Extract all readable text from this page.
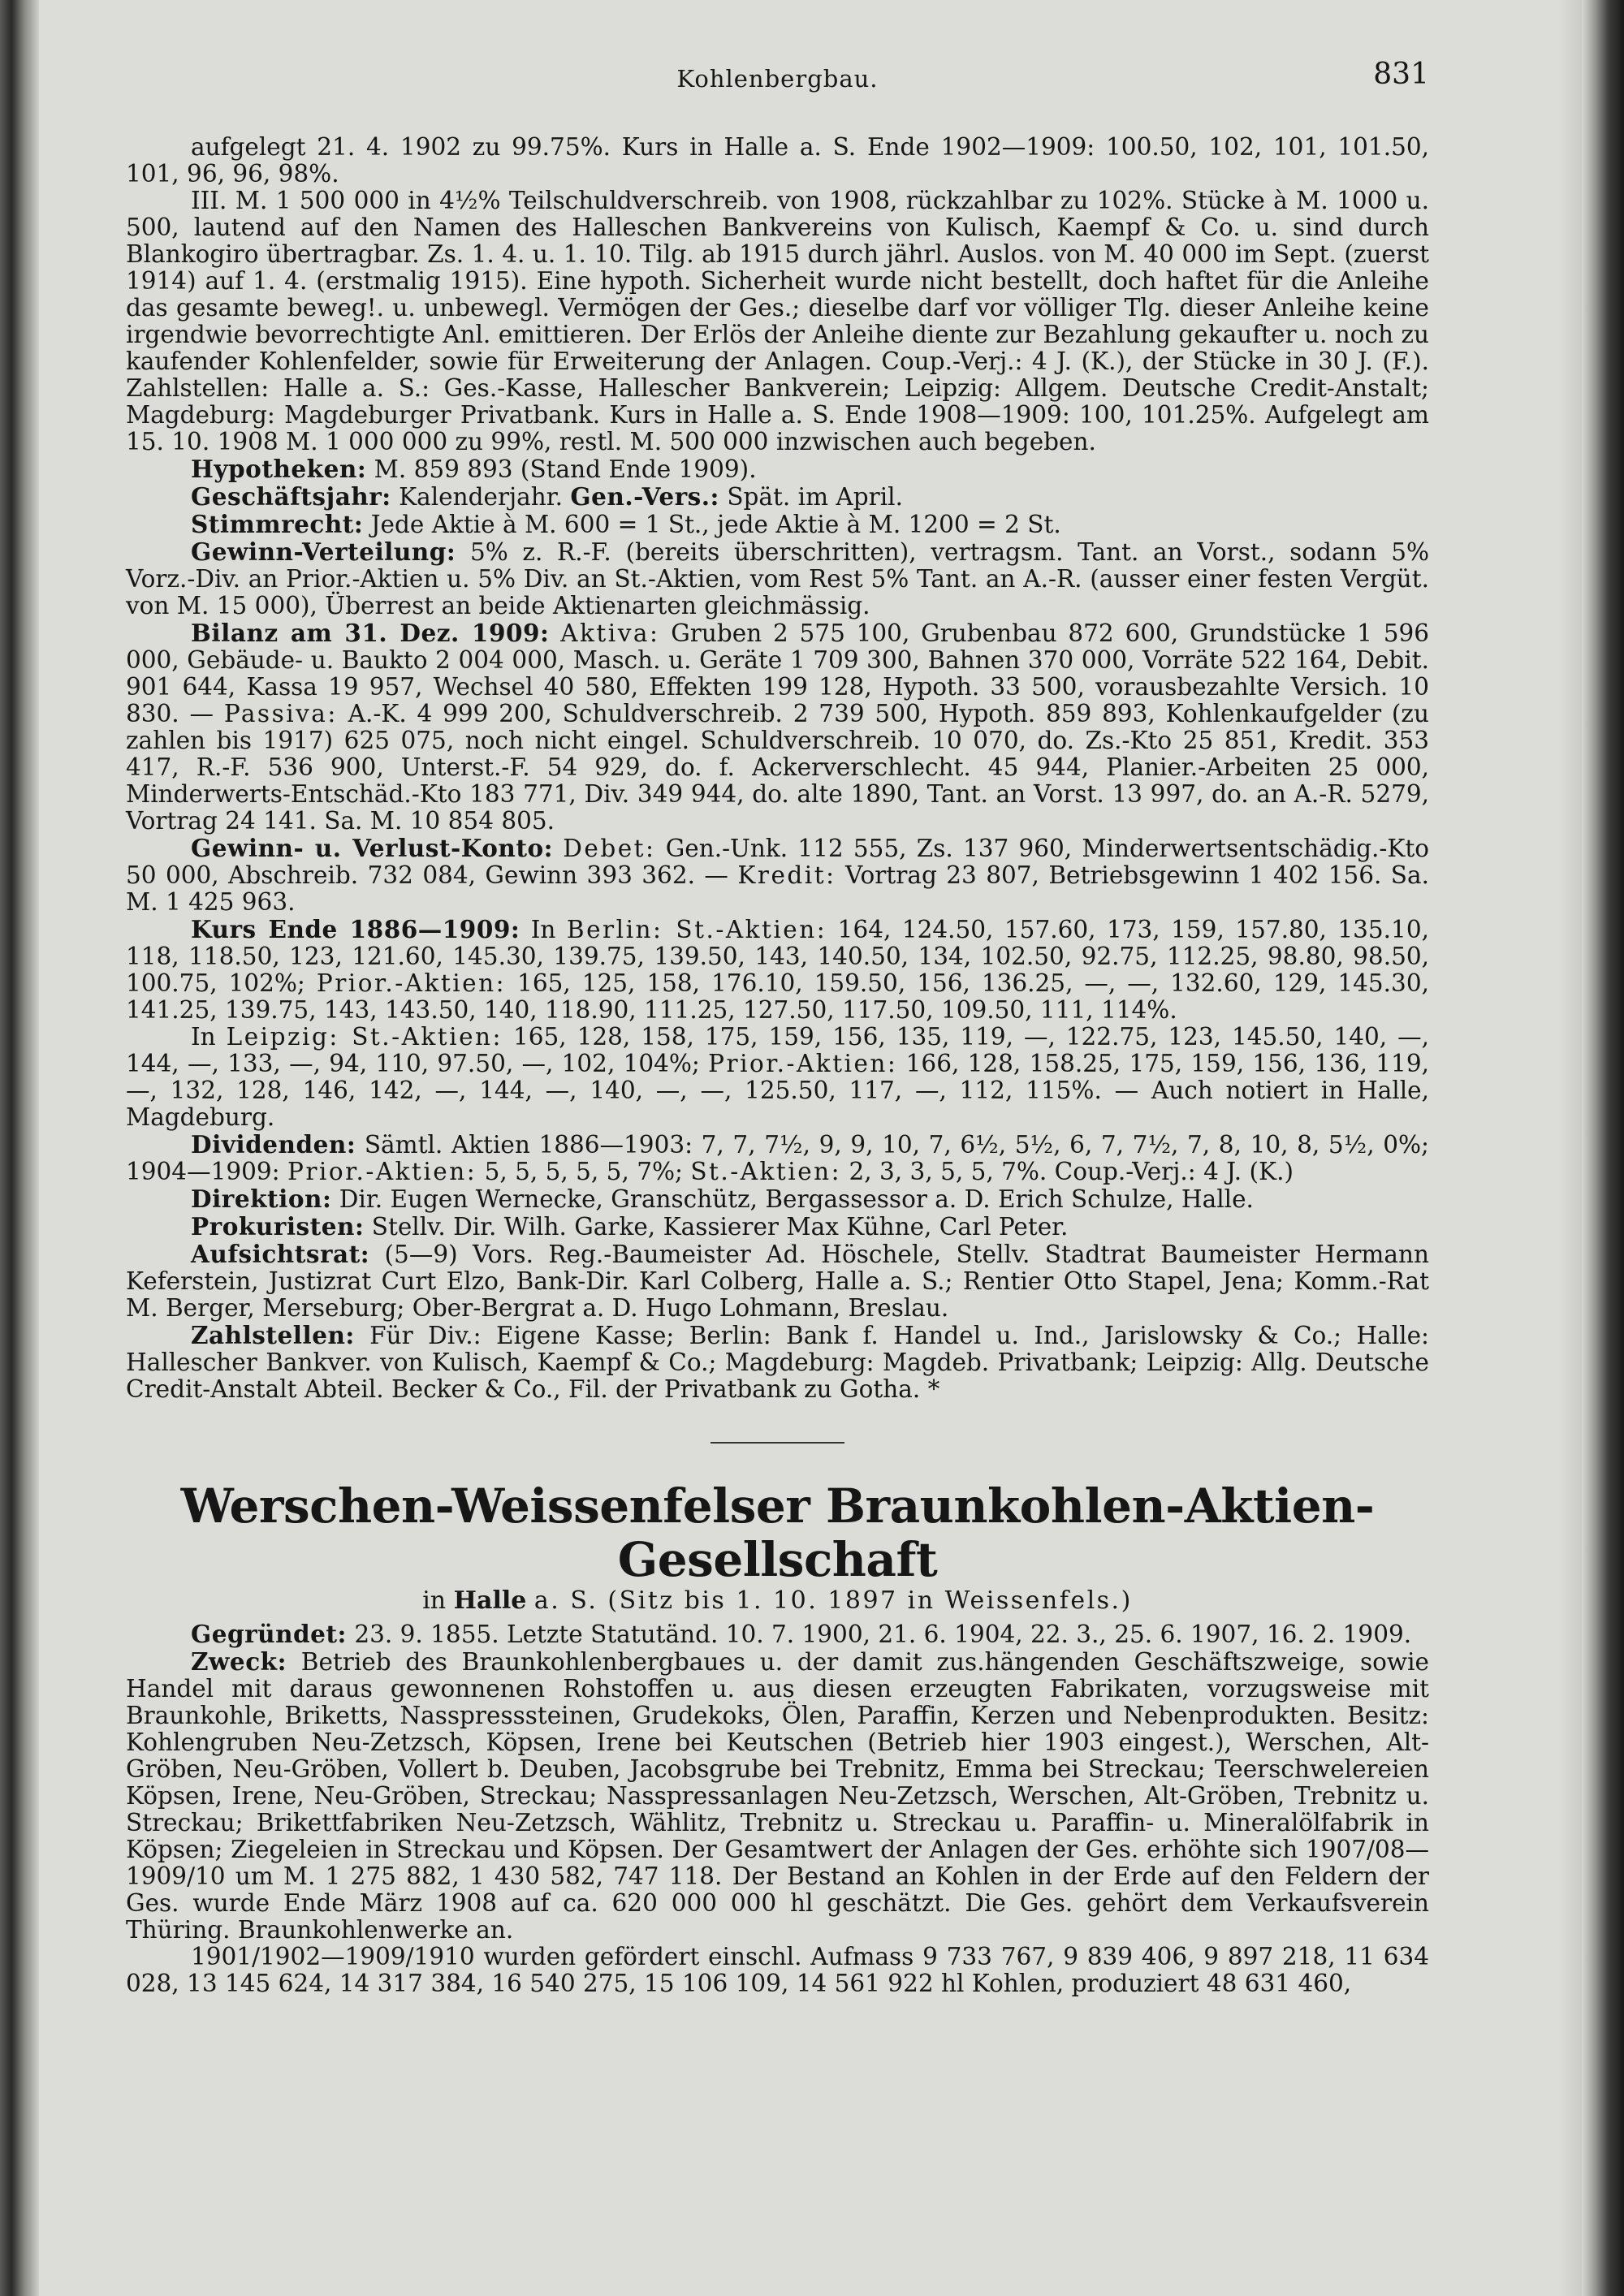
Kohlenbergbau.	831

aufgelegt 21. 4. 1902 zu 99.75%. Kurs in Halle a. S. Ende 1902—1909: 100.50, 102, 101, 101.50, 101, 96, 96, 98%.

III. M. 1 500 000 in 4½% Teilschuldverschreib. von 1908, rückzahlbar zu 102%. Stücke à M. 1000 u. 500, lautend auf den Namen des Halleschen Bankvereins von Kulisch, Kaempf & Co. u. sind durch Blankogiro übertragbar. Zs. 1. 4. u. 1. 10. Tilg. ab 1915 durch jährl. Auslos. von M. 40 000 im Sept. (zuerst 1914) auf 1. 4. (erstmalig 1915). Eine hypoth. Sicherheit wurde nicht bestellt, doch haftet für die Anleihe das gesamte beweg!. u. unbewegl. Vermögen der Ges.; dieselbe darf vor völliger Tlg. dieser Anleihe keine irgendwie bevorrechtigte Anl. emittieren. Der Erlös der Anleihe diente zur Bezahlung gekaufter u. noch zu kaufender Kohlenfelder, sowie für Erweiterung der Anlagen. Coup.-Verj.: 4 J. (K.), der Stücke in 30 J. (F.). Zahlstellen: Halle a. S.: Ges.-Kasse, Hallescher Bankverein; Leipzig: Allgem. Deutsche Credit-Anstalt; Magdeburg: Magdeburger Privatbank. Kurs in Halle a. S. Ende 1908—1909: 100, 101.25%. Aufgelegt am 15. 10. 1908 M. 1 000 000 zu 99%, restl. M. 500 000 inzwischen auch begeben.

Hypotheken: M. 859 893 (Stand Ende 1909).

Geschäftsjahr: Kalenderjahr. Gen.-Vers.: Spät. im April.

Stimmrecht: Jede Aktie à M. 600 = 1 St., jede Aktie à M. 1200 = 2 St.

Gewinn-Verteilung: 5% z. R.-F. (bereits überschritten), vertragsm. Tant. an Vorst., sodann 5% Vorz.-Div. an Prior.-Aktien u. 5% Div. an St.-Aktien, vom Rest 5% Tant. an A.-R. (ausser einer festen Vergüt. von M. 15 000), Überrest an beide Aktienarten gleichmässig.

Bilanz am 31. Dez. 1909: Aktiva: Gruben 2 575 100, Grubenbau 872 600, Grundstücke 1 596 000, Gebäude- u. Baukto 2 004 000, Masch. u. Geräte 1 709 300, Bahnen 370 000, Vorräte 522 164, Debit. 901 644, Kassa 19 957, Wechsel 40 580, Effekten 199 128, Hypoth. 33 500, vorausbezahlte Versich. 10 830. — Passiva: A.-K. 4 999 200, Schuldverschreib. 2 739 500, Hypoth. 859 893, Kohlenkaufgelder (zu zahlen bis 1917) 625 075, noch nicht eingel. Schuldverschreib. 10 070, do. Zs.-Kto 25 851, Kredit. 353 417, R.-F. 536 900, Unterst.-F. 54 929, do. f. Ackerverschlecht. 45 944, Planier.-Arbeiten 25 000, Minderwerts-Entschäd.-Kto 183 771, Div. 349 944, do. alte 1890, Tant. an Vorst. 13 997, do. an A.-R. 5279, Vortrag 24 141. Sa. M. 10 854 805.

Gewinn- u. Verlust-Konto: Debet: Gen.-Unk. 112 555, Zs. 137 960, Minderwertsentschädig.-Kto 50 000, Abschreib. 732 084, Gewinn 393 362. — Kredit: Vortrag 23 807, Betriebsgewinn 1 402 156. Sa. M. 1 425 963.

Kurs Ende 1886—1909: In Berlin: St.-Aktien: 164, 124.50, 157.60, 173, 159, 157.80, 135.10, 118, 118.50, 123, 121.60, 145.30, 139.75, 139.50, 143, 140.50, 134, 102.50, 92.75, 112.25, 98.80, 98.50, 100.75, 102%; Prior.-Aktien: 165, 125, 158, 176.10, 159.50, 156, 136.25, —, —, 132.60, 129, 145.30, 141.25, 139.75, 143, 143.50, 140, 118.90, 111.25, 127.50, 117.50, 109.50, 111, 114%.

In Leipzig: St.-Aktien: 165, 128, 158, 175, 159, 156, 135, 119, —, 122.75, 123, 145.50, 140, —, 144, —, 133, —, 94, 110, 97.50, —, 102, 104%; Prior.-Aktien: 166, 128, 158.25, 175, 159, 156, 136, 119, —, 132, 128, 146, 142, —, 144, —, 140, —, —, 125.50, 117, —, 112, 115%. — Auch notiert in Halle, Magdeburg.

Dividenden: Sämtl. Aktien 1886—1903: 7, 7, 7½, 9, 9, 10, 7, 6½, 5½, 6, 7, 7½, 7, 8, 10, 8, 5½, 0%; 1904—1909: Prior.-Aktien: 5, 5, 5, 5, 5, 7%; St.-Aktien: 2, 3, 3, 5, 5, 7%. Coup.-Verj.: 4 J. (K.)

Direktion: Dir. Eugen Wernecke, Granschütz, Bergassessor a. D. Erich Schulze, Halle.

Prokuristen: Stellv. Dir. Wilh. Garke, Kassierer Max Kühne, Carl Peter.

Aufsichtsrat: (5—9) Vors. Reg.-Baumeister Ad. Höschele, Stellv. Stadtrat Baumeister Hermann Keferstein, Justizrat Curt Elzo, Bank-Dir. Karl Colberg, Halle a. S.; Rentier Otto Stapel, Jena; Komm.-Rat M. Berger, Merseburg; Ober-Bergrat a. D. Hugo Lohmann, Breslau.

Zahlstellen: Für Div.: Eigene Kasse; Berlin: Bank f. Handel u. Ind., Jarislowsky & Co.; Halle: Hallescher Bankver. von Kulisch, Kaempf & Co.; Magdeburg: Magdeb. Privatbank; Leipzig: Allg. Deutsche Credit-Anstalt Abteil. Becker & Co., Fil. der Privatbank zu Gotha. *

Werschen-Weissenfelser Braunkohlen-Aktien-Gesellschaft
in Halle a. S. (Sitz bis 1. 10. 1897 in Weissenfels.)

Gegründet: 23. 9. 1855. Letzte Statutänd. 10. 7. 1900, 21. 6. 1904, 22. 3., 25. 6. 1907, 16. 2. 1909.

Zweck: Betrieb des Braunkohlenbergbaues u. der damit zus.hängenden Geschäftszweige, sowie Handel mit daraus gewonnenen Rohstoffen u. aus diesen erzeugten Fabrikaten, vorzugsweise mit Braunkohle, Briketts, Nasspresssteinen, Grudekoks, Ölen, Paraffin, Kerzen und Nebenprodukten. Besitz: Kohlengruben Neu-Zetzsch, Köpsen, Irene bei Keutschen (Betrieb hier 1903 eingest.), Werschen, Alt-Gröben, Neu-Gröben, Vollert b. Deuben, Jacobsgrube bei Trebnitz, Emma bei Streckau; Teerschwelereien Köpsen, Irene, Neu-Gröben, Streckau; Nasspressanlagen Neu-Zetzsch, Werschen, Alt-Gröben, Trebnitz u. Streckau; Brikettfabriken Neu-Zetzsch, Wählitz, Trebnitz u. Streckau u. Paraffin- u. Mineralölfabrik in Köpsen; Ziegeleien in Streckau und Köpsen. Der Gesamtwert der Anlagen der Ges. erhöhte sich 1907/08—1909/10 um M. 1 275 882, 1 430 582, 747 118. Der Bestand an Kohlen in der Erde auf den Feldern der Ges. wurde Ende März 1908 auf ca. 620 000 000 hl geschätzt. Die Ges. gehört dem Verkaufsverein Thüring. Braunkohlenwerke an.

1901/1902—1909/1910 wurden gefördert einschl. Aufmass 9 733 767, 9 839 406, 9 897 218, 11 634 028, 13 145 624, 14 317 384, 16 540 275, 15 106 109, 14 561 922 hl Kohlen, produziert 48 631 460,
